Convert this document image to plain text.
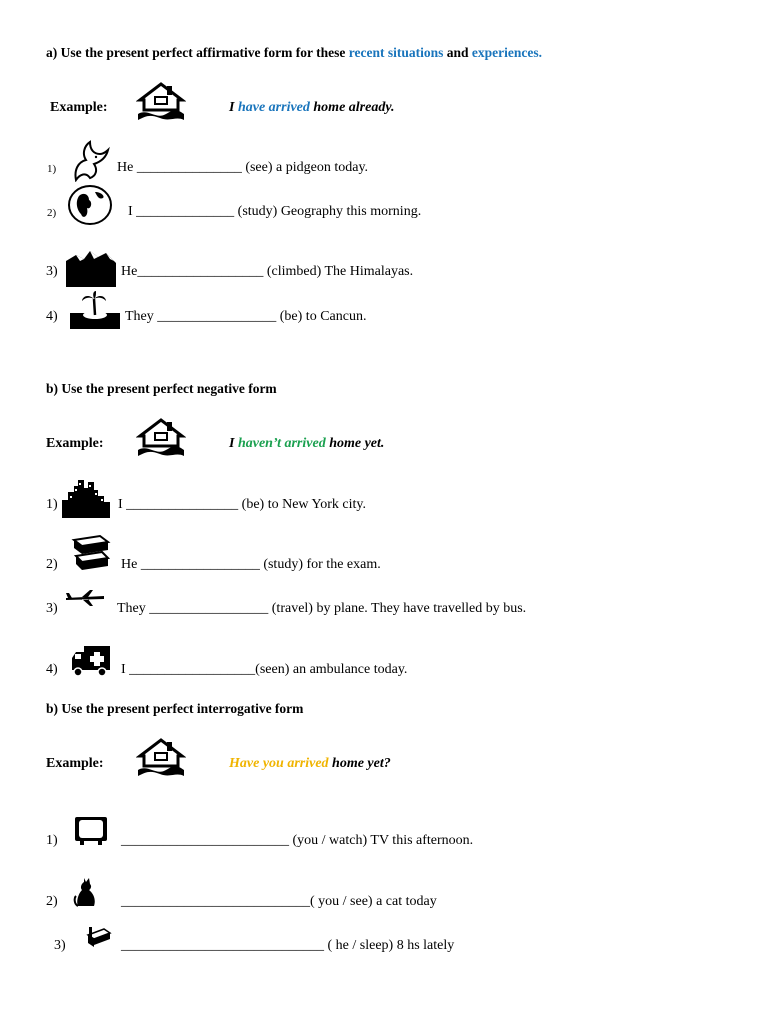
a) Use the present perfect affirmative form for these recent situations and experiences.
Example:	I have arrived home already.
1)	He _______________ (see) a pidgeon today.
2)	I ______________ (study) Geography this morning.
3)	He__________________ (climbed) The Himalayas.
4)	They _________________ (be) to Cancun.
b) Use the present perfect negative form
Example:	I haven’t arrived home yet.
1)	I ________________ (be) to New York city.
2)	He _________________ (study) for the exam.
3)	They _________________ (travel) by plane. They have travelled by bus.
4)	I __________________(seen) an ambulance today.
b) Use the present perfect interrogative form
Example:	Have you arrived home yet?
1)	________________________ (you / watch) TV this afternoon.
2)	___________________________( you / see) a cat today
3)	_____________________________ ( he / sleep) 8 hs lately
